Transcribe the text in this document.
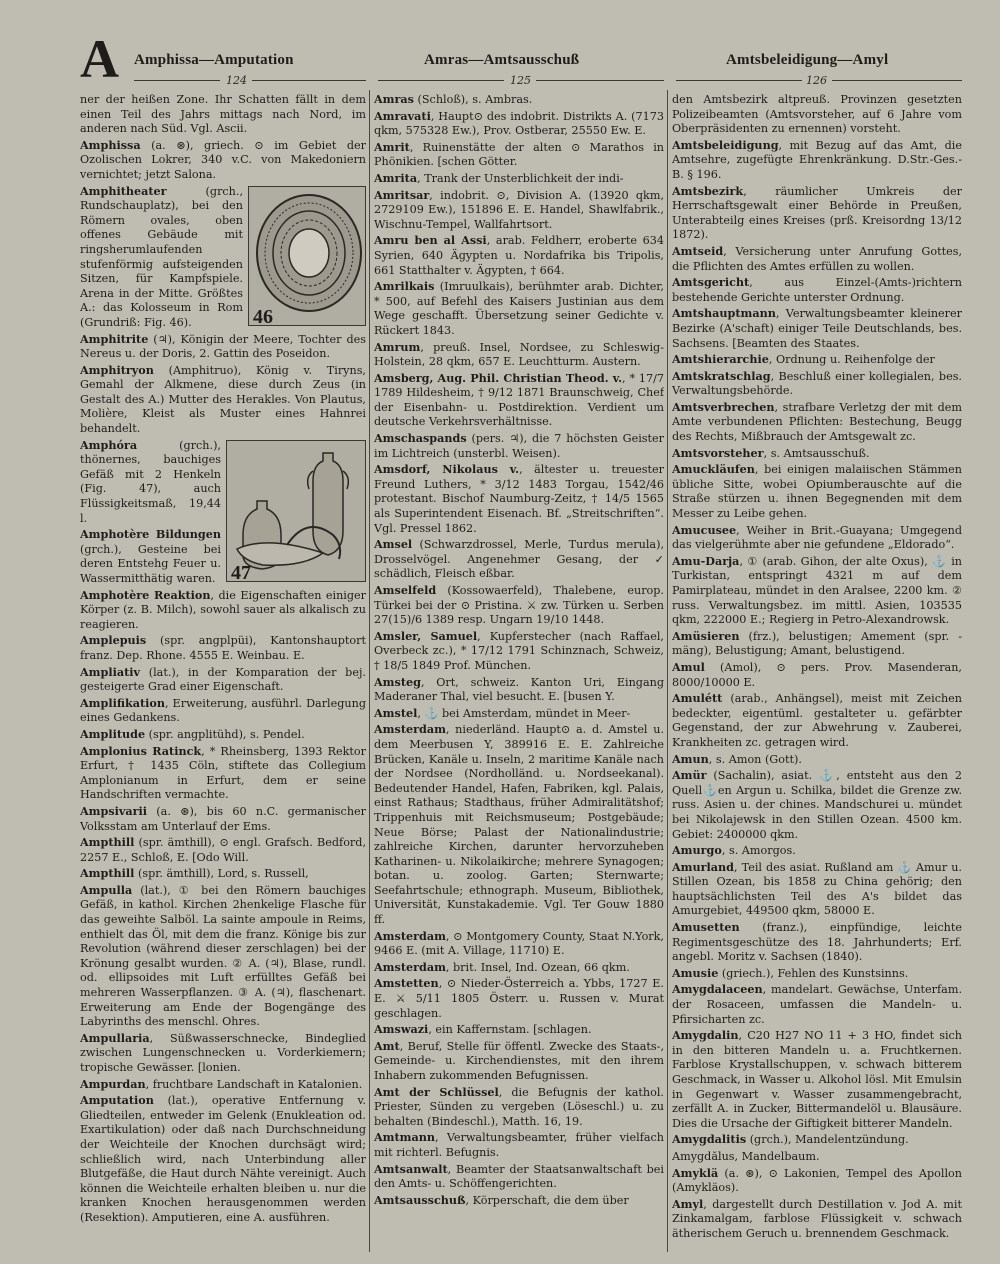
A Amphissa—Amputation	Amras—Amtsausschuß	Amtsbeleidigung—Amyl
124	125	126

ner der heißen Zone. Ihr Schatten fällt in dem einen Teil des Jahrs mittags nach Nord, im anderen nach Süd. Vgl. Ascii.

Amphissa (a. ⊛), griech. ⊙ im Gebiet der Ozolischen Lokrer, 340 v.C. von Makedoniern vernichtet; jetzt Salona.

46
Amphitheater (grch., Rundschauplatz), bei den Römern ovales, oben offenes Gebäude mit ringsherumlaufenden stufenförmig aufsteigenden Sitzen, für Kampfspiele. Arena in der Mitte. Größtes A.: das Kolosseum in Rom (Grundriß: Fig. 46).

Amphitrite (♃), Königin der Meere, Tochter des Nereus u. der Doris, 2. Gattin des Poseidon.

Amphitryon (Amphitruo), König v. Tiryns, Gemahl der Alkmene, diese durch Zeus (in Gestalt des A.) Mutter des Herakles. Von Plautus, Molière, Kleist als Muster eines Hahnrei behandelt.

47
Amphóra (grch.), thönernes, bauchiges Gefäß mit 2 Henkeln (Fig. 47), auch Flüssigkeitsmaß, 19,44 l.

Amphotère Bildungen (grch.), Gesteine bei deren Entstehg Feuer u. Wassermitthätig waren.

Amphotère Reaktion, die Eigenschaften einiger Körper (z. B. Milch), sowohl sauer als alkalisch zu reagieren.

Amplepuis (spr. angplpüi), Kantonshauptort franz. Dep. Rhone. 4555 E. Weinbau. E.

Ampliativ (lat.), in der Komparation der bej. gesteigerte Grad einer Eigenschaft.

Amplifikation, Erweiterung, ausführl. Darlegung eines Gedankens.

Amplitude (spr. angplitühd), s. Pendel.

Amplonius Ratinck, * Rheinsberg, 1393 Rektor Erfurt, † 1435 Cöln, stiftete das Collegium Amplonianum in Erfurt, dem er seine Handschriften vermachte.

Ampsivarii (a. ⊛), bis 60 n.C. germanischer Volksstam am Unterlauf der Ems.

Ampthill (spr. ämthill), ⊙ engl. Grafsch. Bedford, 2257 E., Schloß, E. [Odo Will.

Ampthill (spr. ämthill), Lord, s. Russell,

Ampulla (lat.), ① bei den Römern bauchiges Gefäß, in kathol. Kirchen 2henkelige Flasche für das geweihte Salböl. La sainte ampoule in Reims, enthielt das Öl, mit dem die franz. Könige bis zur Revolution (während dieser zerschlagen) bei der Krönung gesalbt wurden. ② A. (♃), Blase, rundl. od. ellipsoides mit Luft erfülltes Gefäß bei mehreren Wasserpflanzen. ③ A. (♃), flaschenart. Erweiterung am Ende der Bogengänge des Labyrinths des menschl. Ohres.

Ampullaria, Süßwasserschnecke, Bindeglied zwischen Lungenschnecken u. Vorderkiemern; tropische Gewässer. [lonien.

Ampurdan, fruchtbare Landschaft in Katalonien.

Amputation (lat.), operative Entfernung v. Gliedteilen, entweder im Gelenk (Enukleation od. Exartikulation) oder daß nach Durchschneidung der Weichteile der Knochen durchsägt wird; schließlich wird, nach Unterbindung aller Blutgefäße, die Haut durch Nähte vereinigt. Auch können die Weichteile erhalten bleiben u. nur die kranken Knochen herausgenommen werden (Resektion). Amputieren, eine A. ausführen.

Amras (Schloß), s. Ambras.

Amravati, Haupt⊙ des indobrit. Distrikts A. (7173 qkm, 575328 Ew.), Prov. Ostberar, 25550 Ew. E.

Amrit, Ruinenstätte der alten ⊙ Marathos in Phönikien. [schen Götter.

Amrita, Trank der Unsterblichkeit der indi-

Amritsar, indobrit. ⊙, Division A. (13920 qkm, 2729109 Ew.), 151896 E. E. Handel, Shawlfabrik., Wischnu-Tempel, Wallfahrtsort.

Amru ben al Assi, arab. Feldherr, eroberte 634 Syrien, 640 Ägypten u. Nordafrika bis Tripolis, 661 Statthalter v. Ägypten, † 664.

Amrilkais (Imruulkais), berühmter arab. Dichter, * 500, auf Befehl des Kaisers Justinian aus dem Wege geschafft. Übersetzung seiner Gedichte v. Rückert 1843.

Amrum, preuß. Insel, Nordsee, zu Schleswig-Holstein, 28 qkm, 657 E. Leuchtturm. Austern.

Amsberg, Aug. Phil. Christian Theod. v., * 17/7 1789 Hildesheim, † 9/12 1871 Braunschweig, Chef der Eisenbahn- u. Postdirektion. Verdient um deutsche Verkehrsverhältnisse.

Amschaspands (pers. ♃), die 7 höchsten Geister im Lichtreich (unsterbl. Weisen).

Amsdorf, Nikolaus v., ältester u. treuester Freund Luthers, * 3/12 1483 Torgau, 1542/46 protestant. Bischof Naumburg-Zeitz, † 14/5 1565 als Superintendent Eisenach. Bf. „Streitschriften“. Vgl. Pressel 1862.

Amsel (Schwarzdrossel, Merle, Turdus merula), Drosselvögel. Angenehmer Gesang, der ✓ schädlich, Fleisch eßbar.

Amselfeld (Kossowaerfeld), Thalebene, europ. Türkei bei der ⊙ Pristina. ⚔ zw. Türken u. Serben 27(15)/6 1389 resp. Ungarn 19/10 1448.

Amsler, Samuel, Kupferstecher (nach Raffael, Overbeck zc.), * 17/12 1791 Schinznach, Schweiz, † 18/5 1849 Prof. München.

Amsteg, Ort, schweiz. Kanton Uri, Eingang Maderaner Thal, viel besucht. E. [busen Y.

Amstel, ⚓ bei Amsterdam, mündet in Meer-

Amsterdam, niederländ. Haupt⊙ a. d. Amstel u. dem Meerbusen Y, 389916 E. E. Zahlreiche Brücken, Kanäle u. Inseln, 2 maritime Kanäle nach der Nordsee (Nordholländ. u. Nordseekanal). Bedeutender Handel, Hafen, Fabriken, kgl. Palais, einst Rathaus; Stadthaus, früher Admiralitätshof; Trippenhuis mit Reichsmuseum; Postgebäude; Neue Börse; Palast der Nationalindustrie; zahlreiche Kirchen, darunter hervorzuheben Katharinen- u. Nikolaikirche; mehrere Synagogen; botan. u. zoolog. Garten; Sternwarte; Seefahrtschule; ethnograph. Museum, Bibliothek, Universität, Kunstakademie. Vgl. Ter Gouw 1880 ff.

Amsterdam, ⊙ Montgomery County, Staat N.York, 9466 E. (mit A. Village, 11710) E.

Amsterdam, brit. Insel, Ind. Ozean, 66 qkm.

Amstetten, ⊙ Nieder-Österreich a. Ybbs, 1727 E. E. ⚔ 5/11 1805 Österr. u. Russen v. Murat geschlagen.

Amswazi, ein Kaffernstam. [schlagen.

Amt, Beruf, Stelle für öffentl. Zwecke des Staats-, Gemeinde- u. Kirchendienstes, mit den ihrem Inhabern zukommenden Befugnissen.

Amt der Schlüssel, die Befugnis der kathol. Priester, Sünden zu vergeben (Löseschl.) u. zu behalten (Bindeschl.), Matth. 16, 19.

Amtmann, Verwaltungsbeamter, früher vielfach mit richterl. Befugnis.

Amtsanwalt, Beamter der Staatsanwaltschaft bei den Amts- u. Schöffengerichten.

Amtsausschuß, Körperschaft, die dem über

den Amtsbezirk altpreuß. Provinzen gesetzten Polizeibeamten (Amtsvorsteher, auf 6 Jahre vom Oberpräsidenten zu ernennen) vorsteht.

Amtsbeleidigung, mit Bezug auf das Amt, die Amtsehre, zugefügte Ehrenkränkung. D.Str.-Ges.-B. § 196.

Amtsbezirk, räumlicher Umkreis der Herrschaftsgewalt einer Behörde in Preußen, Unterabteilg eines Kreises (prß. Kreisordng 13/12 1872).

Amtseid, Versicherung unter Anrufung Gottes, die Pflichten des Amtes erfüllen zu wollen.

Amtsgericht, aus Einzel-(Amts-)richtern bestehende Gerichte unterster Ordnung.

Amtshauptmann, Verwaltungsbeamter kleinerer Bezirke (A'schaft) einiger Teile Deutschlands, bes. Sachsens. [Beamten des Staates.

Amtshierarchie, Ordnung u. Reihenfolge der

Amtskratschlag, Beschluß einer kollegialen, bes. Verwaltungsbehörde.

Amtsverbrechen, strafbare Verletzg der mit dem Amte verbundenen Pflichten: Bestechung, Beugg des Rechts, Mißbrauch der Amtsgewalt zc.

Amtsvorsteher, s. Amtsausschuß.

Amuckläufen, bei einigen malaiischen Stämmen übliche Sitte, wobei Opiumberauschte auf die Straße stürzen u. ihnen Begegnenden mit dem Messer zu Leibe gehen.

Amucusee, Weiher in Brit.-Guayana; Umgegend das vielgerühmte aber nie gefundene „Eldorado“.

Amu-Darja, ① (arab. Gihon, der alte Oxus), ⚓ in Turkistan, entspringt 4321 m auf dem Pamirplateau, mündet in den Aralsee, 2200 km. ② russ. Verwaltungsbez. im mittl. Asien, 103535 qkm, 222000 E.; Regierg in Petro-Alexandrowsk.

Amüsieren (frz.), belustigen; Amement (spr. -mäng), Belustigung; Amant, belustigend.

Amul (Amol), ⊙ pers. Prov. Masenderan, 8000/10000 E.

Amulétt (arab., Anhängsel), meist mit Zeichen bedeckter, eigentüml. gestalteter u. gefärbter Gegenstand, der zur Abwehrung v. Zauberei, Krankheiten zc. getragen wird.

Amun, s. Amon (Gott).

Amür (Sachalin), asiat. ⚓, entsteht aus den 2 Quell⚓en Argun u. Schilka, bildet die Grenze zw. russ. Asien u. der chines. Mandschurei u. mündet bei Nikolajewsk in den Stillen Ozean. 4500 km. Gebiet: 2400000 qkm.

Amurgo, s. Amorgos.

Amurland, Teil des asiat. Rußland am ⚓ Amur u. Stillen Ozean, bis 1858 zu China gehörig; den hauptsächlichsten Teil des A's bildet das Amurgebiet, 449500 qkm, 58000 E.

Amusetten (franz.), einpfündige, leichte Regimentsgeschütze des 18. Jahrhunderts; Erf. angebl. Moritz v. Sachsen (1840).

Amusie (griech.), Fehlen des Kunstsinns.

Amygdalaceen, mandelart. Gewächse, Unterfam. der Rosaceen, umfassen die Mandeln- u. Pfirsicharten zc.

Amygdalin, C20 H27 NO 11 + 3 HO, findet sich in den bitteren Mandeln u. a. Fruchtkernen. Farblose Krystallschuppen, v. schwach bitterem Geschmack, in Wasser u. Alkohol lösl. Mit Emulsin in Gegenwart v. Wasser zusammengebracht, zerfällt A. in Zucker, Bittermandelöl u. Blausäure. Dies die Ursache der Giftigkeit bitterer Mandeln.

Amygdalitis (grch.), Mandelentzündung.

Amygdălus, Mandelbaum.

Amyklä (a. ⊛), ⊙ Lakonien, Tempel des Apollon (Amykläos).

Amyl, dargestellt durch Destillation v. Jod A. mit Zinkamalgam, farblose Flüssigkeit v. schwach ätherischem Geruch u. brennendem Geschmack.
